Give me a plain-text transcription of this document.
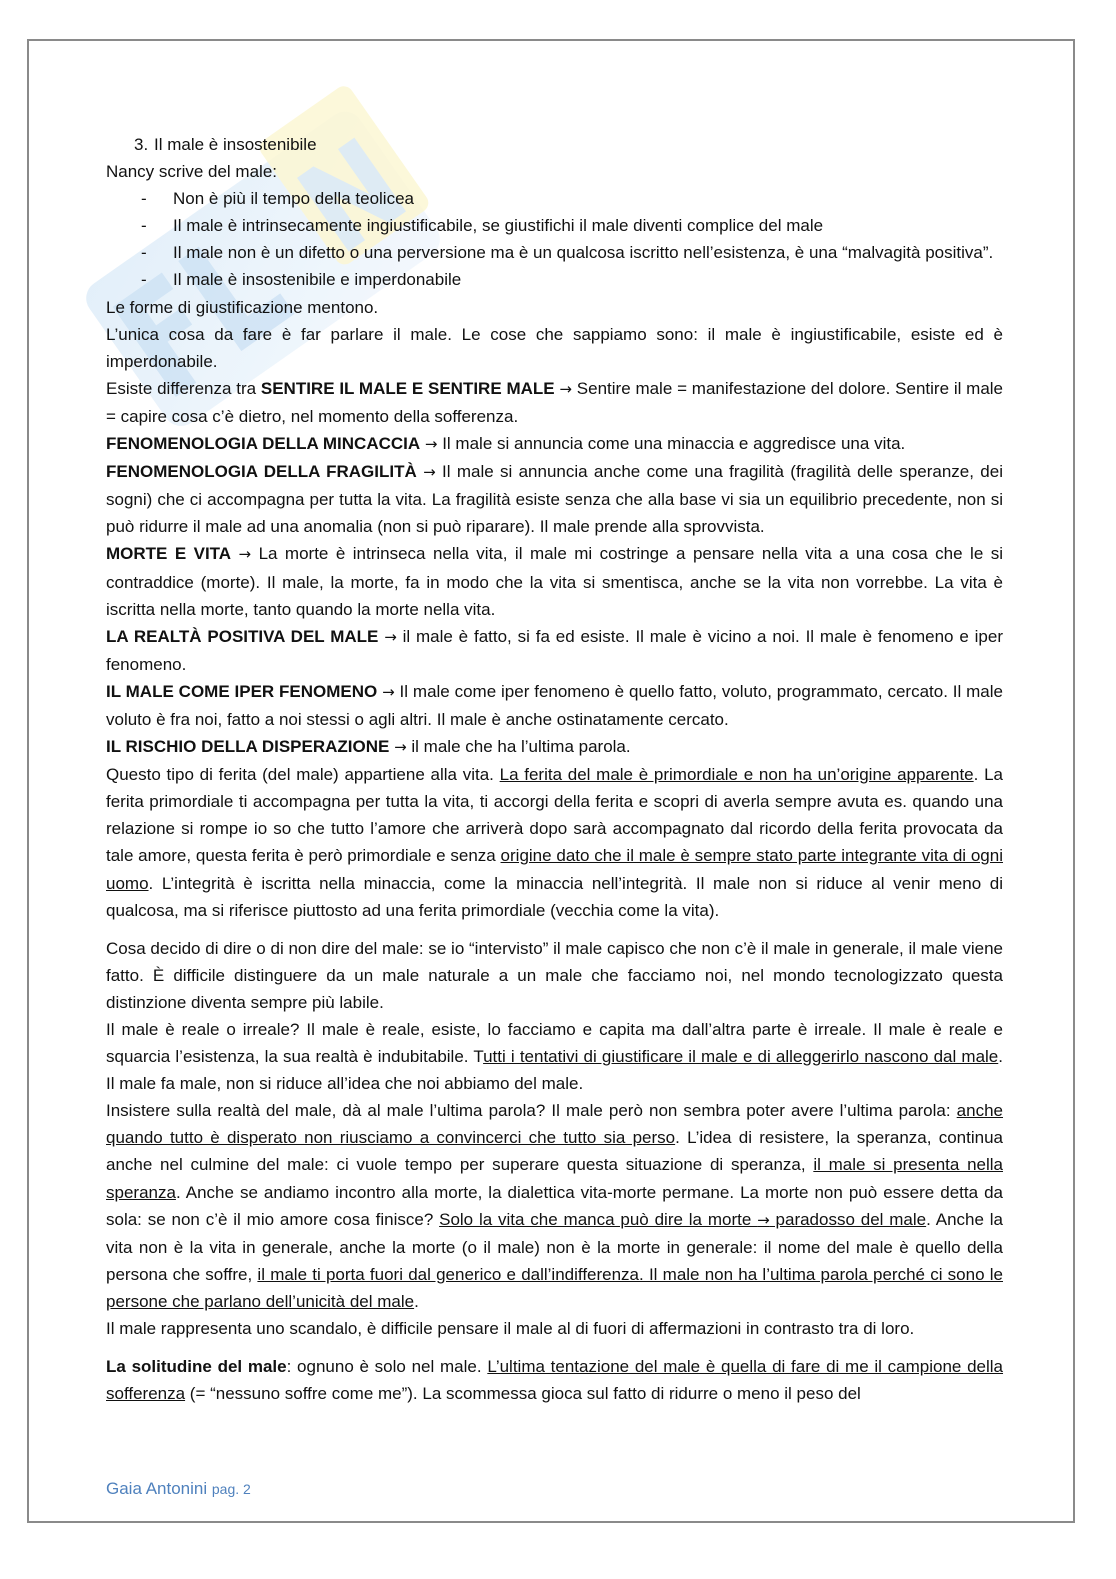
3. Il male è insostenibile

Nancy scrive del male:

- Non è più il tempo della teolicea
- Il male è intrinsecamente ingiustificabile, se giustifichi il male diventi complice del male
- Il male non è un difetto o una perversione ma è un qualcosa iscritto nell’esistenza, è una “malvagità positiva”.
- Il male è insostenibile e imperdonabile

Le forme di giustificazione mentono.

L’unica cosa da fare è far parlare il male. Le cose che sappiamo sono: il male è ingiustificabile, esiste ed è imperdonabile.

Esiste differenza tra SENTIRE IL MALE E SENTIRE MALE → Sentire male = manifestazione del dolore. Sentire il male = capire cosa c’è dietro, nel momento della sofferenza.

FENOMENOLOGIA DELLA MINCACCIA → Il male si annuncia come una minaccia e aggredisce una vita.

FENOMENOLOGIA DELLA FRAGILITÀ → Il male si annuncia anche come una fragilità (fragilità delle speranze, dei sogni) che ci accompagna per tutta la vita. La fragilità esiste senza che alla base vi sia un equilibrio precedente, non si può ridurre il male ad una anomalia (non si può riparare). Il male prende alla sprovvista.

MORTE E VITA → La morte è intrinseca nella vita, il male mi costringe a pensare nella vita a una cosa che le si contraddice (morte). Il male, la morte, fa in modo che la vita si smentisca, anche se la vita non vorrebbe. La vita è iscritta nella morte, tanto quando la morte nella vita.

LA REALTÀ POSITIVA DEL MALE → il male è fatto, si fa ed esiste. Il male è vicino a noi. Il male è fenomeno e iper fenomeno.

IL MALE COME IPER FENOMENO → Il male come iper fenomeno è quello fatto, voluto, programmato, cercato. Il male voluto è fra noi, fatto a noi stessi o agli altri. Il male è anche ostinatamente cercato.

IL RISCHIO DELLA DISPERAZIONE → il male che ha l’ultima parola.

Questo tipo di ferita (del male) appartiene alla vita. La ferita del male è primordiale e non ha un’origine apparente. La ferita primordiale ti accompagna per tutta la vita, ti accorgi della ferita e scopri di averla sempre avuta es. quando una relazione si rompe io so che tutto l’amore che arriverà dopo sarà accompagnato dal ricordo della ferita provocata da tale amore, questa ferita è però primordiale e senza origine dato che il male è sempre stato parte integrante vita di ogni uomo. L’integrità è iscritta nella minaccia, come la minaccia nell’integrità. Il male non si riduce al venir meno di qualcosa, ma si riferisce piuttosto ad una ferita primordiale (vecchia come la vita).

Cosa decido di dire o di non dire del male: se io “intervisto” il male capisco che non c’è il male in generale, il male viene fatto. È difficile distinguere da un male naturale a un male che facciamo noi, nel mondo tecnologizzato questa distinzione diventa sempre più labile.

Il male è reale o irreale? Il male è reale, esiste, lo facciamo e capita ma dall’altra parte è irreale. Il male è reale e squarcia l’esistenza, la sua realtà è indubitabile. Tutti i tentativi di giustificare il male e di alleggerirlo nascono dal male. Il male fa male, non si riduce all’idea che noi abbiamo del male.

Insistere sulla realtà del male, dà al male l’ultima parola? Il male però non sembra poter avere l’ultima parola: anche quando tutto è disperato non riusciamo a convincerci che tutto sia perso. L’idea di resistere, la speranza, continua anche nel culmine del male: ci vuole tempo per superare questa situazione di speranza, il male si presenta nella speranza. Anche se andiamo incontro alla morte, la dialettica vita-morte permane. La morte non può essere detta da sola: se non c’è il mio amore cosa finisce? Solo la vita che manca può dire la morte → paradosso del male. Anche la vita non è la vita in generale, anche la morte (o il male) non è la morte in generale: il nome del male è quello della persona che soffre, il male ti porta fuori dal generico e dall’indifferenza. Il male non ha l’ultima parola perché ci sono le persone che parlano dell’unicità del male.

Il male rappresenta uno scandalo, è difficile pensare il male al di fuori di affermazioni in contrasto tra di loro.

La solitudine del male: ognuno è solo nel male. L’ultima tentazione del male è quella di fare di me il campione della sofferenza (= “nessuno soffre come me”). La scommessa gioca sul fatto di ridurre o meno il peso del

Gaia Antonini pag. 2
